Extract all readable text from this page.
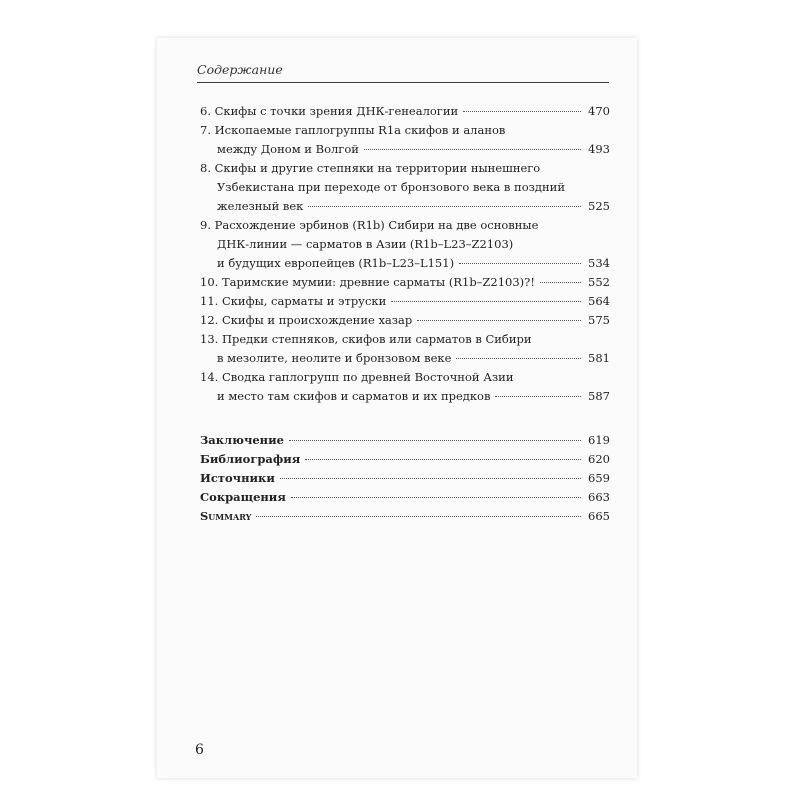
Содержание
6. Скифы с точки зрения ДНК-генеалогии	470
7. Ископаемые гаплогруппы R1a скифов и аланов
между Доном и Волгой	493
8. Скифы и другие степняки на территории нынешнего
Узбекистана при переходе от бронзового века в поздний
железный век	525
9. Расхождение эрбинов (R1b) Сибири на две основные
ДНК-линии — сарматов в Азии (R1b–L23–Z2103)
и будущих европейцев (R1b–L23–L151)	534
10. Таримские мумии: древние сарматы (R1b–Z2103)?!	552
11. Скифы, сарматы и этруски	564
12. Скифы и происхождение хазар	575
13. Предки степняков, скифов или сарматов в Сибири
в мезолите, неолите и бронзовом веке	581
14. Сводка гаплогрупп по древней Восточной Азии
и место там скифов и сарматов и их предков	587
Заключение	619
Библиография	620
Источники	659
Сокращения	663
Summary	665
6
